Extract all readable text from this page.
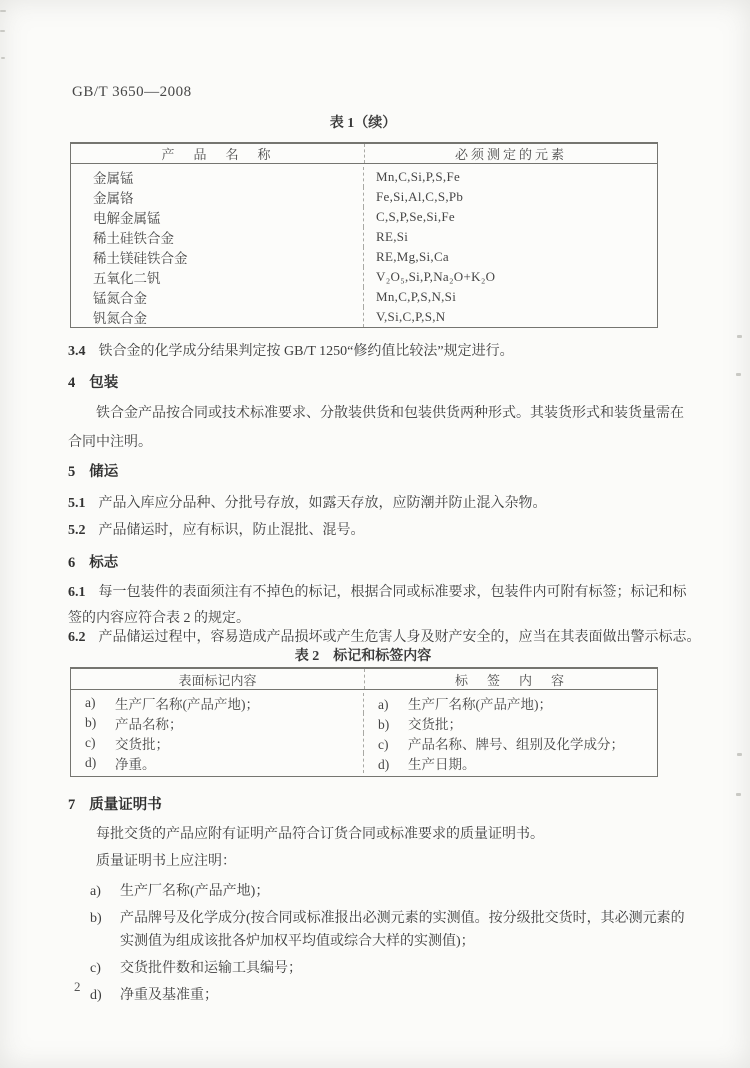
GB/T 3650—2008
表 1（续）
产　品　名　称	必须测定的元素
金属锰	Mn,C,Si,P,S,Fe
金属铬	Fe,Si,Al,C,S,Pb
电解金属锰	C,S,P,Se,Si,Fe
稀土硅铁合金	RE,Si
稀土镁硅铁合金	RE,Mg,Si,Ca
五氧化二钒	V₂O₅,Si,P,Na₂O+K₂O
锰氮合金	Mn,C,P,S,N,Si
钒氮合金	V,Si,C,P,S,N
3.4 铁合金的化学成分结果判定按 GB/T 1250“修约值比较法”规定进行。
4 包装
铁合金产品按合同或技术标准要求、分散装供货和包装供货两种形式。其装货形式和装货量需在合同中注明。
5 储运
5.1 产品入库应分品种、分批号存放，如露天存放，应防潮并防止混入杂物。
5.2 产品储运时，应有标识，防止混批、混号。
6 标志
6.1 每一包装件的表面须注有不掉色的标记，根据合同或标准要求，包装件内可附有标签；标记和标签的内容应符合表 2 的规定。
6.2 产品储运过程中，容易造成产品损坏或产生危害人身及财产安全的，应当在其表面做出警示标志。
表 2　标记和标签内容
表面标记内容	标　签　内　容
a)	生产厂名称(产品产地)；	a) 生产厂名称(产品产地)；
b)	产品名称；	b) 交货批；
c)	交货批；	c) 产品名称、牌号、组别及化学成分；
d)	净重。	d) 生产日期。
7 质量证明书
每批交货的产品应附有证明产品符合订货合同或标准要求的质量证明书。
质量证明书上应注明：
a)	生产厂名称(产品产地)；
b)	产品牌号及化学成分(按合同或标准报出必测元素的实测值。按分级批交货时，其必测元素的实测值为组成该批各炉加权平均值或综合大样的实测值)；
c)	交货批件数和运输工具编号；
d)	净重及基准重；
2
